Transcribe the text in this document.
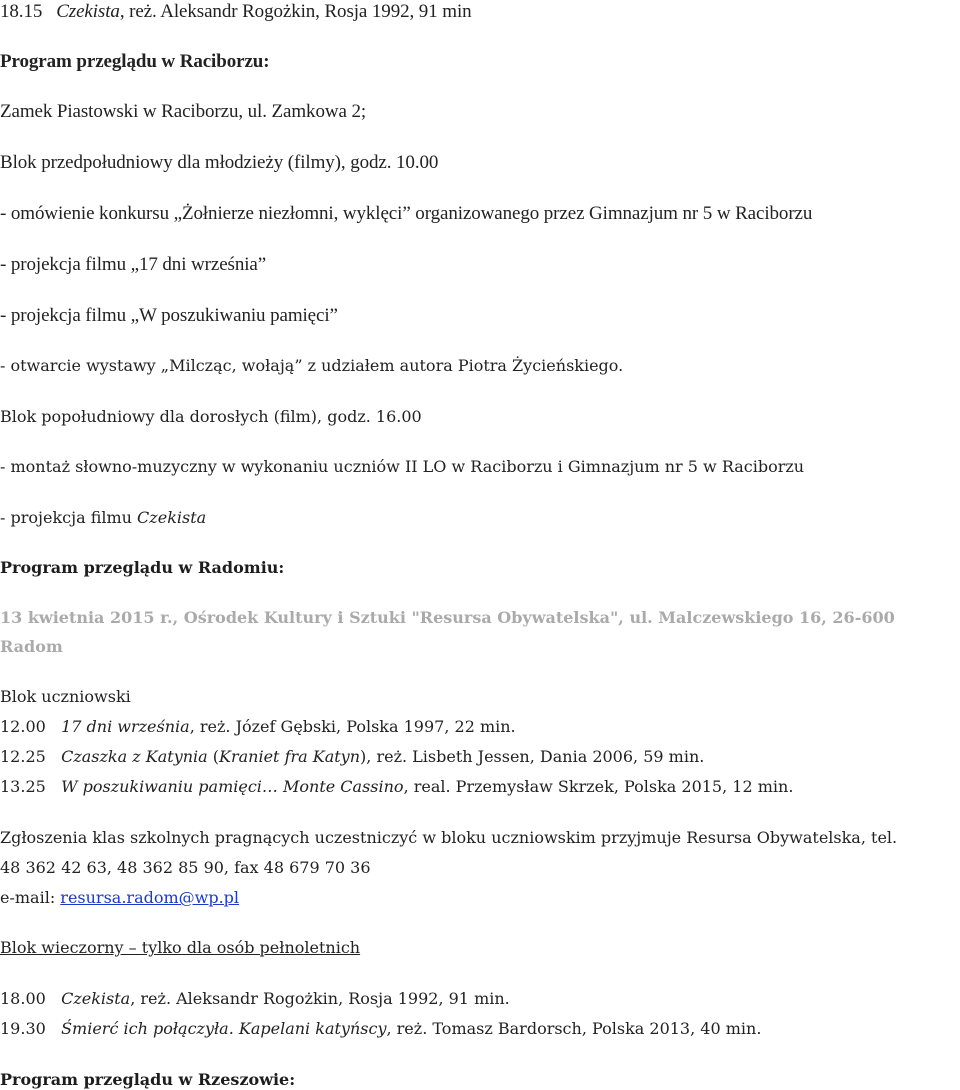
18.15 Czekista, reż. Aleksandr Rogożkin, Rosja 1992, 91 min

Program przeglądu w Raciborzu:

Zamek Piastowski w Raciborzu, ul. Zamkowa 2;

Blok przedpołudniowy dla młodzieży (filmy), godz. 10.00

- omówienie konkursu „Żołnierze niezłomni, wyklęci” organizowanego przez Gimnazjum nr 5 w Raciborzu

- projekcja filmu „17 dni września”

- projekcja filmu „W poszukiwaniu pamięci”

- otwarcie wystawy „Milcząc, wołają” z udziałem autora Piotra Życieńskiego.

Blok popołudniowy dla dorosłych (film), godz. 16.00

- montaż słowno-muzyczny w wykonaniu uczniów II LO w Raciborzu i Gimnazjum nr 5 w Raciborzu

- projekcja filmu Czekista

Program przeglądu w Radomiu:

13 kwietnia 2015 r., Ośrodek Kultury i Sztuki "Resursa Obywatelska", ul. Malczewskiego 16, 26-600 Radom

Blok uczniowski

12.00 17 dni września, reż. Józef Gębski, Polska 1997, 22 min.

12.25 Czaszka z Katynia (Kraniet fra Katyn), reż. Lisbeth Jessen, Dania 2006, 59 min.

13.25 W poszukiwaniu pamięci… Monte Cassino, real. Przemysław Skrzek, Polska 2015, 12 min.

Zgłoszenia klas szkolnych pragnących uczestniczyć w bloku uczniowskim przyjmuje Resursa Obywatelska, tel.

48 362 42 63, 48 362 85 90, fax 48 679 70 36

e-mail: resursa.radom@wp.pl

Blok wieczorny – tylko dla osób pełnoletnich

18.00 Czekista, reż. Aleksandr Rogożkin, Rosja 1992, 91 min.

19.30 Śmierć ich połączyła. Kapelani katyńscy, reż. Tomasz Bardorsch, Polska 2013, 40 min.

Program przeglądu w Rzeszowie:
